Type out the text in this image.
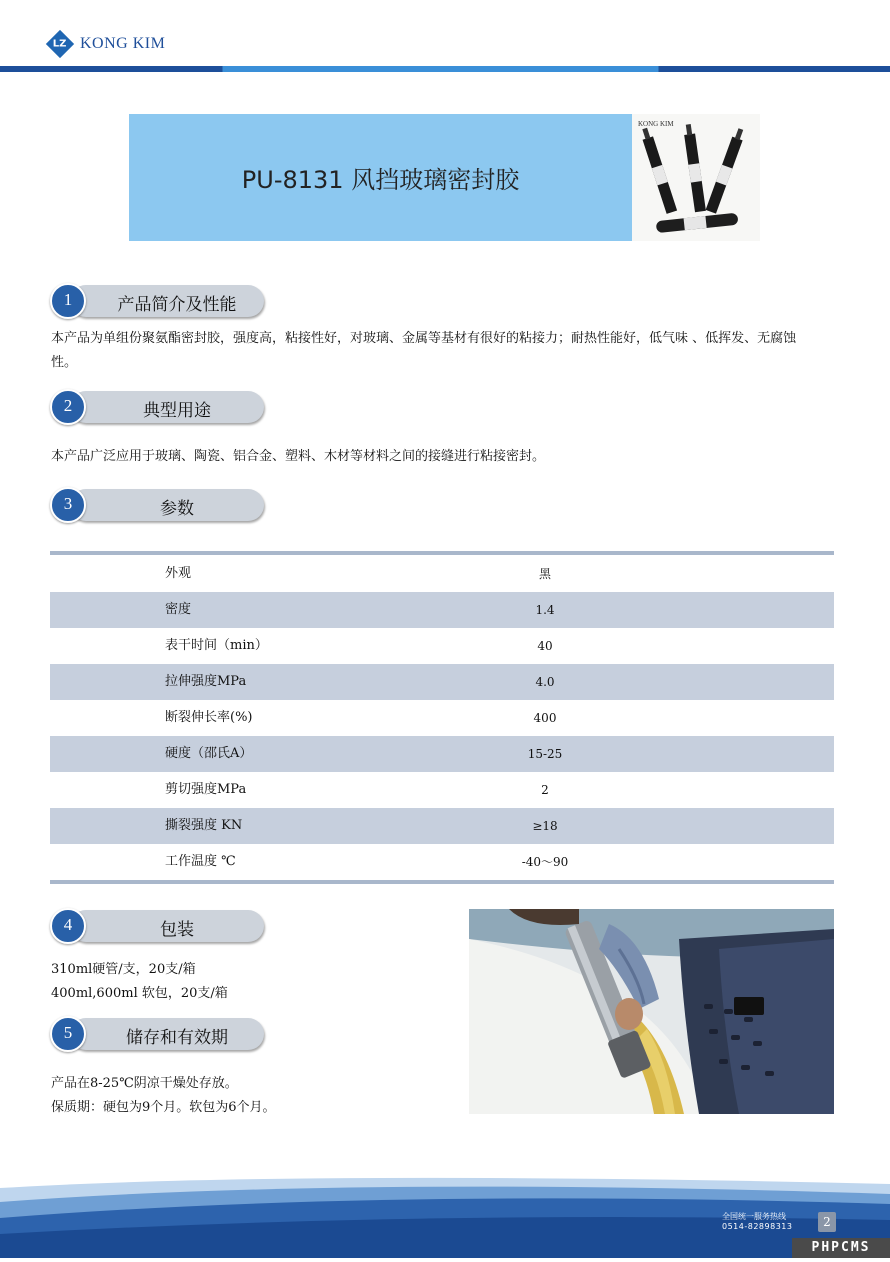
LZ KONG KIM
PU-8131 风挡玻璃密封胶
KONG KIM
产品简介及性能
1
本产品为单组份聚氨酯密封胶，强度高，粘接性好，对玻璃、金属等基材有很好的粘接力；耐热性能好，低气味 、低挥发、无腐蚀
性。
典型用途
2
本产品广泛应用于玻璃、陶瓷、铝合金、塑料、木材等材料之间的接缝进行粘接密封。
参数
3
外观	黑
密度	1.4
表干时间（min）	40
拉伸强度MPa	4.0
断裂伸长率(%)	400
硬度（邵氏A）	15-25
剪切强度MPa	2
撕裂强度 KN	≥18
工作温度 ℃	-40～90
包装
4
310ml硬管/支，20支/箱
400ml,600ml 软包，20支/箱
储存和有效期
5
产品在8-25℃阴凉干燥处存放。
保质期：硬包为9个月。软包为6个月。
全国统一服务热线
0514-82898313	2
PHPCMS
